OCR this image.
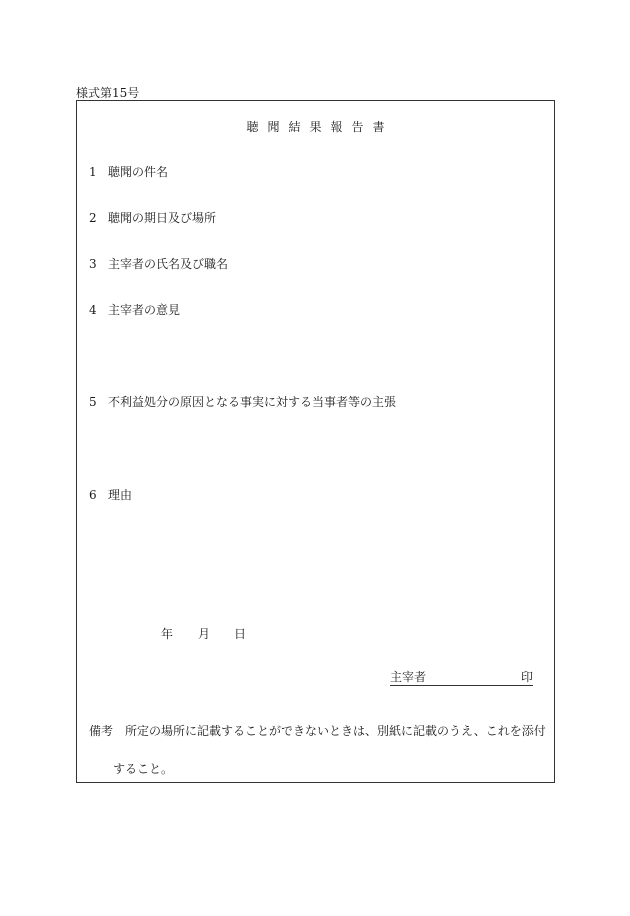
様式第15号
聴聞結果報告書
1 聴聞の件名
2 聴聞の期日及び場所
3 主宰者の氏名及び職名
4 主宰者の意見
5 不利益処分の原因となる事実に対する当事者等の主張
6 理由
年 月 日
主宰者	印
備考 所定の場所に記載することができないときは、別紙に記載のうえ、これを添付
すること。
